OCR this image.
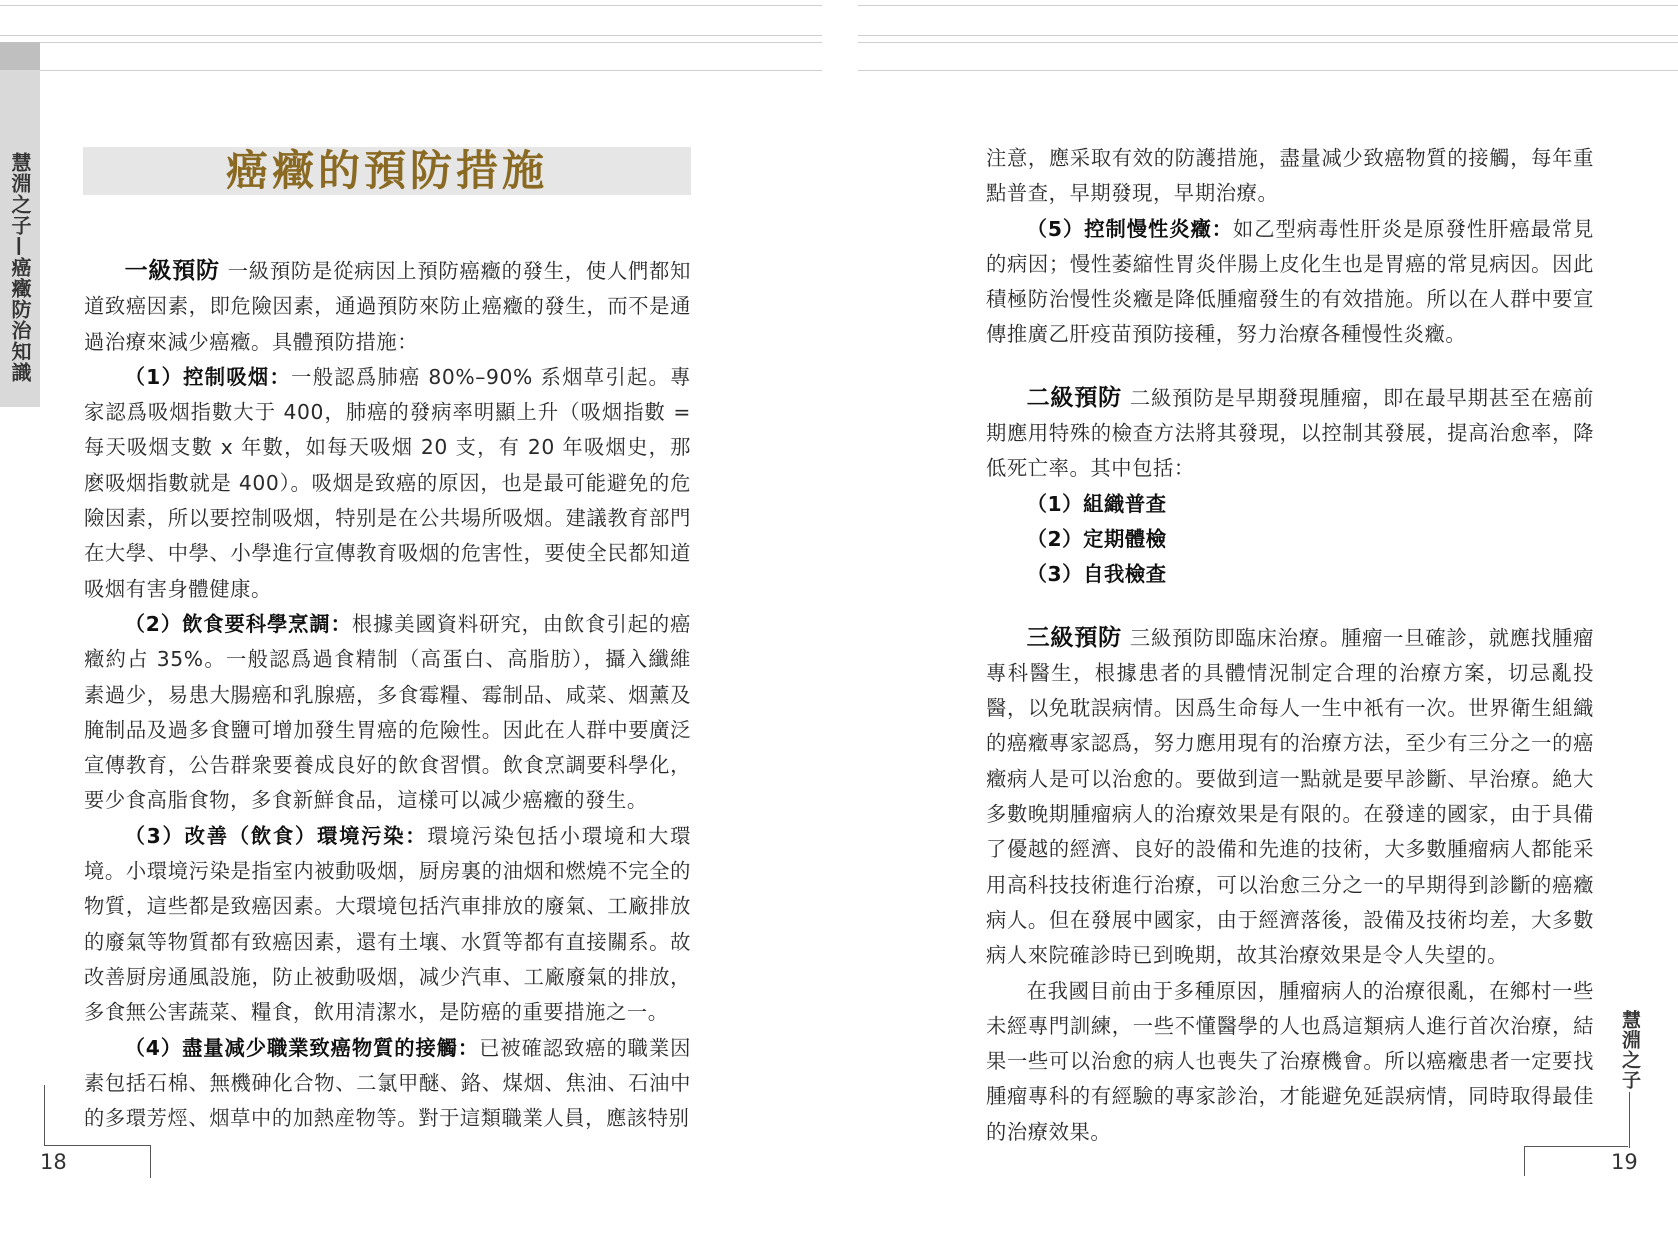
慧淵之子—癌癥防治知識	癌癥的預防措施

一級預防 一級預防是從病因上預防癌癥的發生，使人們都知道致癌因素，即危險因素，通過預防來防止癌癥的發生，而不是通過治療來減少癌癥。具體預防措施：

（1）控制吸烟：一般認爲肺癌 80%–90% 系烟草引起。專家認爲吸烟指數大于 400，肺癌的發病率明顯上升（吸烟指數 = 每天吸烟支數 x 年數，如每天吸烟 20 支，有 20 年吸烟史，那麽吸烟指數就是 400）。吸烟是致癌的原因，也是最可能避免的危險因素，所以要控制吸烟，特别是在公共場所吸烟。建議教育部門在大學、中學、小學進行宣傳教育吸烟的危害性，要使全民都知道吸烟有害身體健康。

（2）飲食要科學烹調：根據美國資料研究，由飲食引起的癌癥約占 35%。一般認爲過食精制（高蛋白、高脂肪），攝入纖維素過少，易患大腸癌和乳腺癌，多食霉糧、霉制品、咸菜、烟薰及腌制品及過多食鹽可增加發生胃癌的危險性。因此在人群中要廣泛宣傳教育，公告群衆要養成良好的飲食習慣。飲食烹調要科學化，要少食高脂食物，多食新鮮食品，這樣可以减少癌癥的發生。

（3）改善（飲食）環境污染：環境污染包括小環境和大環境。小環境污染是指室内被動吸烟，厨房裏的油烟和燃燒不完全的物質，這些都是致癌因素。大環境包括汽車排放的廢氣、工廠排放的廢氣等物質都有致癌因素，還有土壤、水質等都有直接關系。故改善厨房通風設施，防止被動吸烟，减少汽車、工廠廢氣的排放，多食無公害蔬菜、糧食，飲用清潔水，是防癌的重要措施之一。

（4）盡量减少職業致癌物質的接觸：已被確認致癌的職業因素包括石棉、無機砷化合物、二氯甲醚、鉻、煤烟、焦油、石油中的多環芳烴、烟草中的加熱産物等。對于這類職業人員，應該特别

18

注意，應采取有效的防護措施，盡量减少致癌物質的接觸，每年重點普查，早期發現，早期治療。

（5）控制慢性炎癥：如乙型病毒性肝炎是原發性肝癌最常見的病因；慢性萎縮性胃炎伴腸上皮化生也是胃癌的常見病因。因此積極防治慢性炎癥是降低腫瘤發生的有效措施。所以在人群中要宣傳推廣乙肝疫苗預防接種，努力治療各種慢性炎癥。

二級預防 二級預防是早期發現腫瘤，即在最早期甚至在癌前期應用特殊的檢查方法將其發現，以控制其發展，提高治愈率，降低死亡率。其中包括：

（1）組織普查

（2）定期體檢

（3）自我檢查

三級預防 三級預防即臨床治療。腫瘤一旦確診，就應找腫瘤專科醫生，根據患者的具體情況制定合理的治療方案，切忌亂投醫，以免耽誤病情。因爲生命每人一生中衹有一次。世界衛生組織的癌癥專家認爲，努力應用現有的治療方法，至少有三分之一的癌癥病人是可以治愈的。要做到這一點就是要早診斷、早治療。絶大多數晚期腫瘤病人的治療效果是有限的。在發達的國家，由于具備了優越的經濟、良好的設備和先進的技術，大多數腫瘤病人都能采用高科技技術進行治療，可以治愈三分之一的早期得到診斷的癌癥病人。但在發展中國家，由于經濟落後，設備及技術均差，大多數病人來院確診時已到晚期，故其治療效果是令人失望的。

在我國目前由于多種原因，腫瘤病人的治療很亂，在鄉村一些未經專門訓練，一些不懂醫學的人也爲這類病人進行首次治療，結果一些可以治愈的病人也喪失了治療機會。所以癌癥患者一定要找腫瘤專科的有經驗的專家診治，才能避免延誤病情，同時取得最佳的治療效果。

慧淵之子
19
